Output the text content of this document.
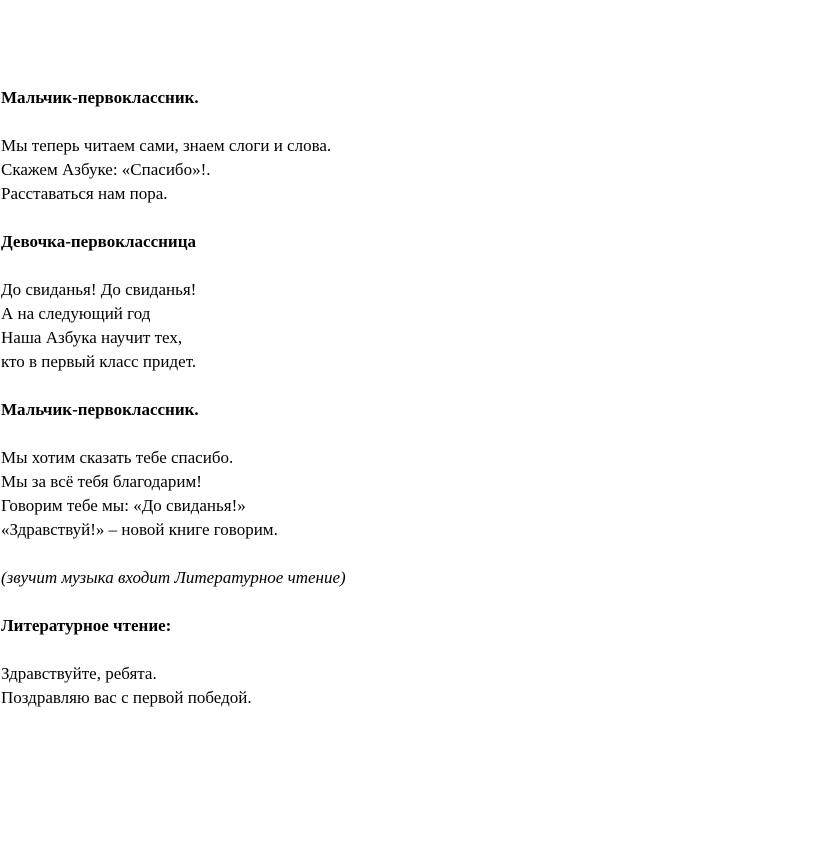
Мальчик-первоклассник.

Мы теперь читаем сами, знаем слоги и слова.

Скажем Азбуке: «Спасибо»!.

Расставаться нам пора.

Девочка-первоклассница

До свиданья! До свиданья!

А на следующий год

Наша Азбука научит тех,

кто в первый класс придет.

Мальчик-первоклассник.

Мы хотим сказать тебе спасибо.

Мы за всё тебя благодарим!

Говорим тебе мы: «До свиданья!»

«Здравствуй!» – новой книге говорим.

(звучит музыка входит Литературное чтение)

Литературное чтение:

Здравствуйте, ребята.

Поздравляю вас с первой победой.
